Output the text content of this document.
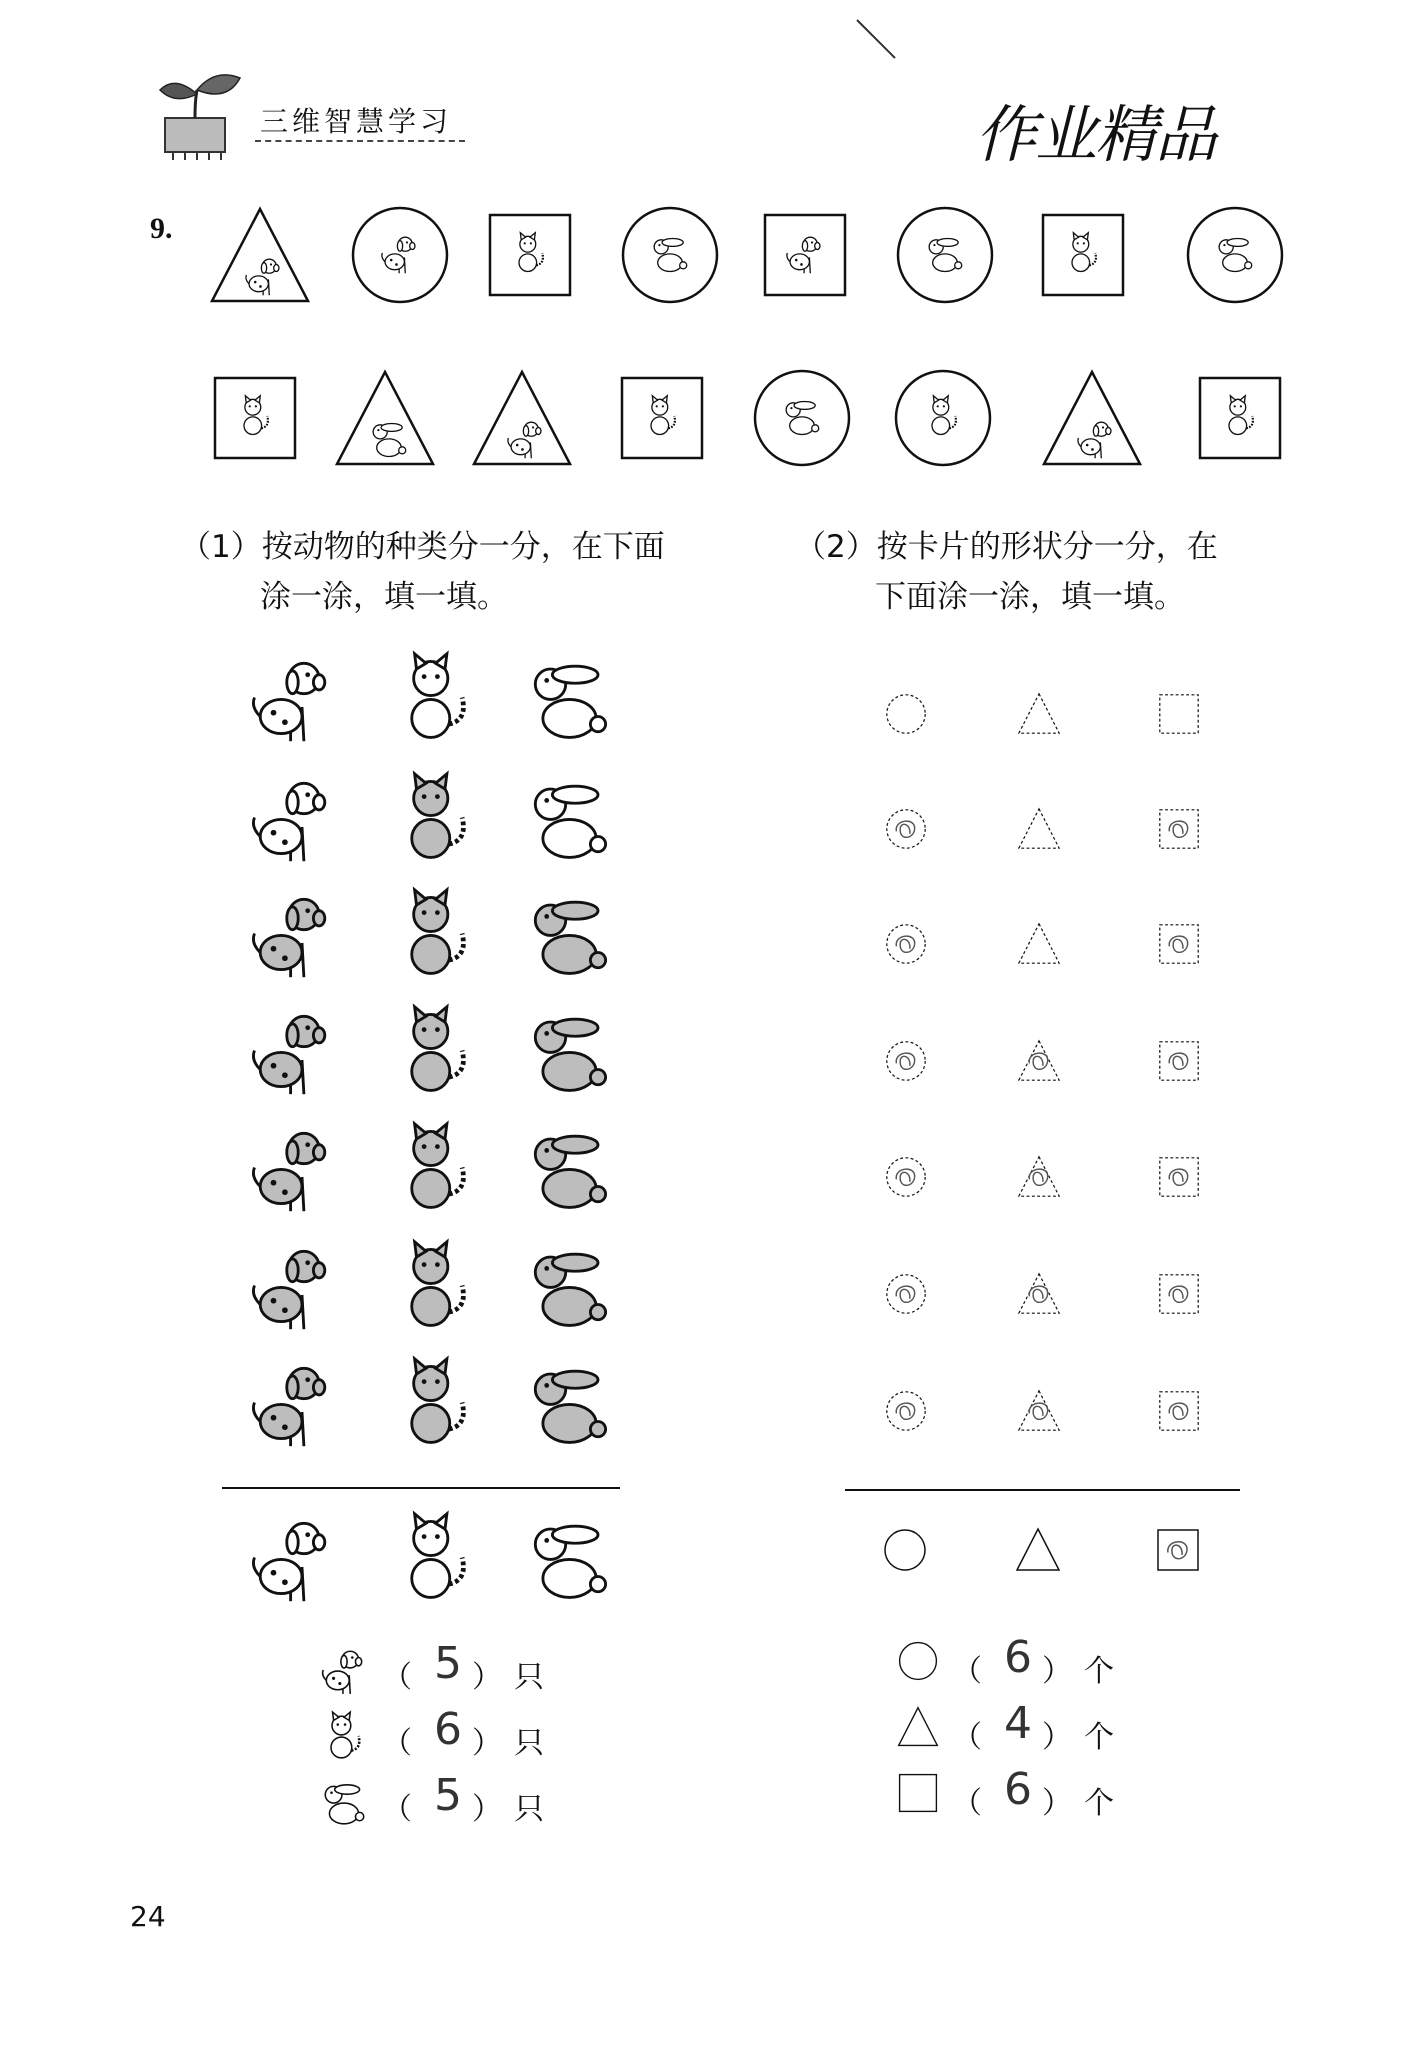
三维智慧学习	作业精品
9.
（1）按动物的种类分一分，在下面
涂一涂，填一填。
（2）按卡片的形状分一分，在
下面涂一涂，填一填。
（ 5 ） 只
（ 6 ） 只
（ 5 ） 只
（ 6 ） 个
（ 4 ） 个
（ 6 ） 个
24
